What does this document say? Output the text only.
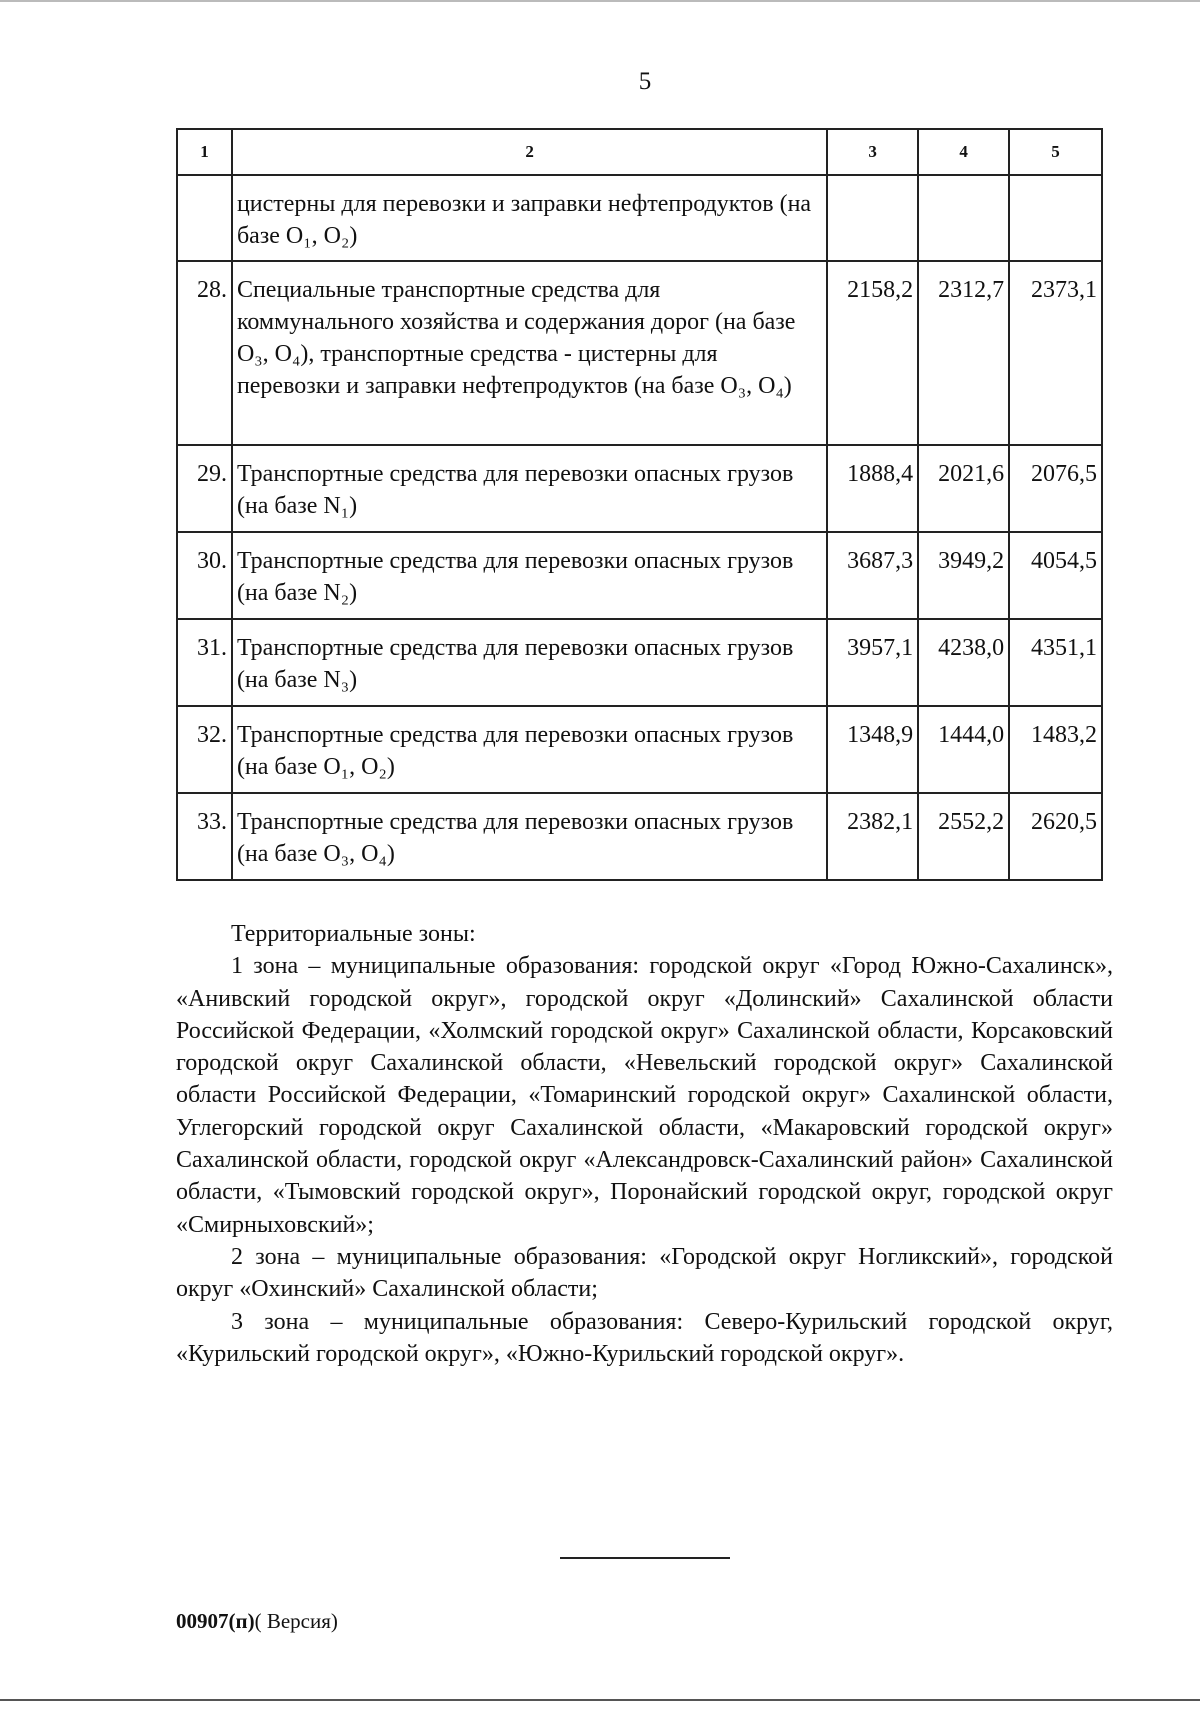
5
1	2	3	4	5
	цистерны для перевозки и заправки нефтепродуктов (на базе O₁, O₂)			
28.	Специальные транспортные средства для коммунального хозяйства и содержания дорог (на базе O₃, O₄), транспортные средства - цистерны для перевозки и заправки нефтепродуктов (на базе O₃, O₄)	2158,2	2312,7	2373,1
29.	Транспортные средства для перевозки опасных грузов (на базе N₁)	1888,4	2021,6	2076,5
30.	Транспортные средства для перевозки опасных грузов (на базе N₂)	3687,3	3949,2	4054,5
31.	Транспортные средства для перевозки опасных грузов (на базе N₃)	3957,1	4238,0	4351,1
32.	Транспортные средства для перевозки опасных грузов (на базе O₁, O₂)	1348,9	1444,0	1483,2
33.	Транспортные средства для перевозки опасных грузов (на базе O₃, O₄)	2382,1	2552,2	2620,5

Территориальные зоны:

1 зона – муниципальные образования: городской округ «Город Южно-Сахалинск», «Анивский городской округ», городской округ «Долинский» Сахалинской области Российской Федерации, «Холмский городской округ» Сахалинской области, Корсаковский городской округ Сахалинской области, «Невельский городской округ» Сахалинской области Российской Федерации, «Томаринский городской округ» Сахалинской области, Углегорский городской округ Сахалинской области, «Макаровский городской округ» Сахалинской области, городской округ «Александровск-Сахалинский район» Сахалинской области, «Тымовский городской округ», Поронайский городской округ, городской округ «Смирныховский»;

2 зона – муниципальные образования: «Городской округ Ногликский», городской округ «Охинский» Сахалинской области;

3 зона – муниципальные образования: Северо-Курильский городской округ, «Курильский городской округ», «Южно-Курильский городской округ».

00907(п)( Версия)
